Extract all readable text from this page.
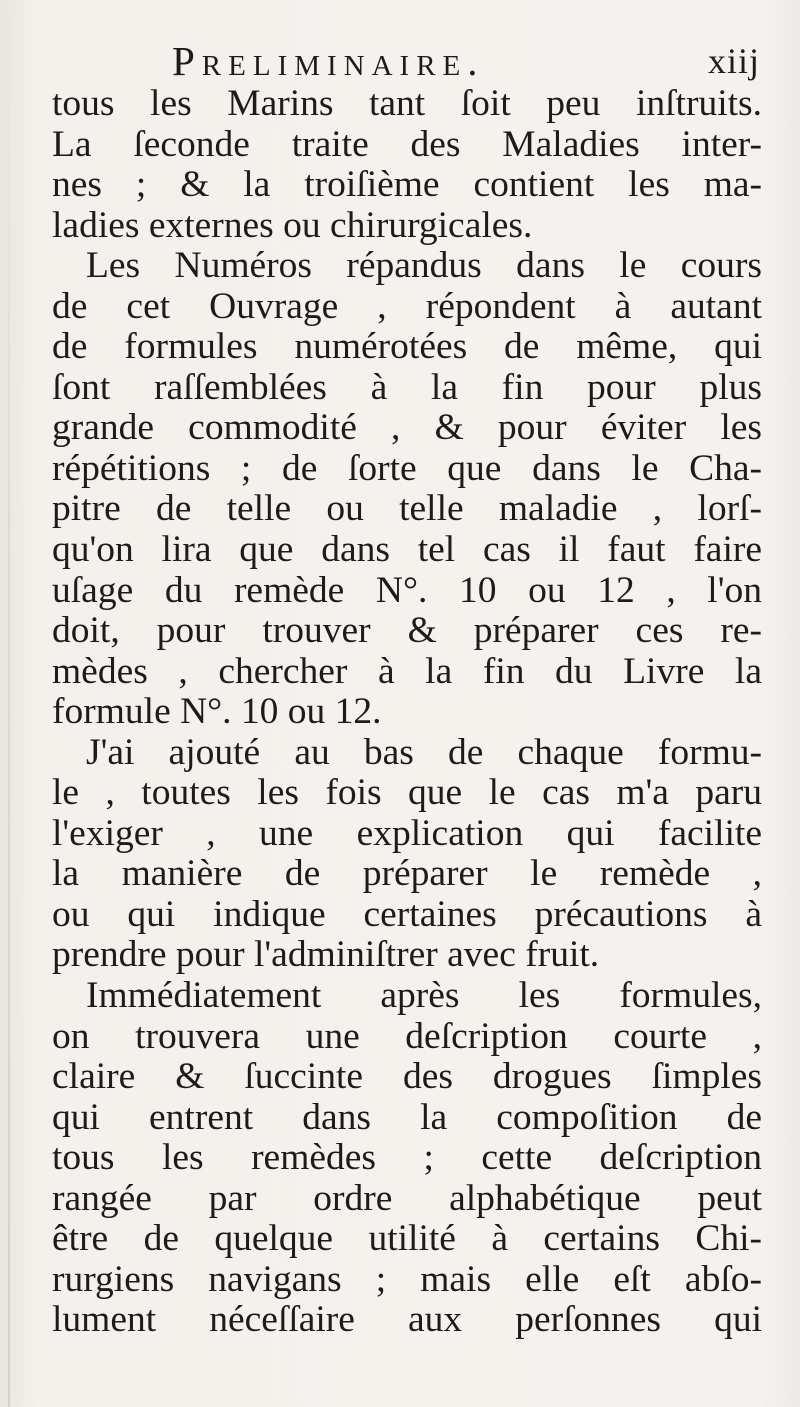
Preliminaire.	xiij
tous les Marins tant ſoit peu inſtruits.
La ſeconde traite des Maladies inter-
nes ; & la troiſième contient les ma-
ladies externes ou chirurgicales.
Les Numéros répandus dans le cours
de cet Ouvrage , répondent à autant
de formules numérotées de même, qui
ſont raſſemblées à la fin pour plus
grande commodité , & pour éviter les
répétitions ; de ſorte que dans le Cha-
pitre de telle ou telle maladie , lorſ-
qu'on lira que dans tel cas il faut faire
uſage du remède N°. 10 ou 12 , l'on
doit, pour trouver & préparer ces re-
mèdes , chercher à la fin du Livre la
formule N°. 10 ou 12.
J'ai ajouté au bas de chaque formu-
le , toutes les fois que le cas m'a paru
l'exiger , une explication qui facilite
la manière de préparer le remède ,
ou qui indique certaines précautions à
prendre pour l'adminiſtrer avec fruit.
Immédiatement après les formules,
on trouvera une deſcription courte ,
claire & ſuccinte des drogues ſimples
qui entrent dans la compoſition de
tous les remèdes ; cette deſcription
rangée par ordre alphabétique peut
être de quelque utilité à certains Chi-
rurgiens navigans ; mais elle eſt abſo-
lument néceſſaire aux perſonnes qui
